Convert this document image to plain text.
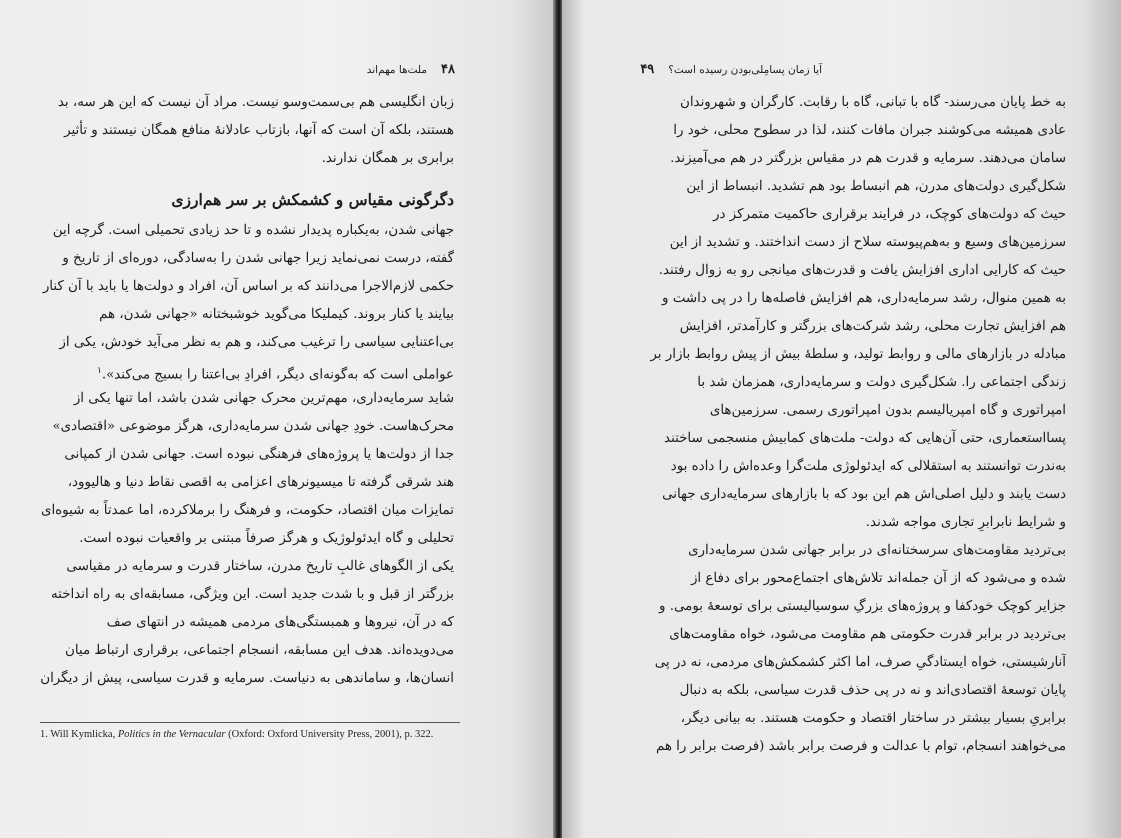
۴۸    ملت‌ها مهم‌اند

زبان انگلیسی هم بی‌سمت‌وسو نیست. مراد آن نیست که این هر سه، بد
هستند، بلکه آن است که آنها، بازتاب عادلانهٔ منافع همگان نیستند و تأثیر
برابری بر همگان ندارند.

دگرگونی مقیاس و کشمکش بر سر هم‌ارزی

جهانی شدن، به‌یکباره پدیدار نشده و تا حد زیادی تحمیلی است. گرچه این
گفته، درست نمی‌نماید زیرا جهانی شدن را به‌سادگی، دوره‌ای از تاریخ و
حکمی لازم‌الاجرا می‌دانند که بر اساس آن، افراد و دولت‌ها یا باید با آن کنار
بیایند یا کنار بروند. کیملیکا می‌گوید خوشبختانه «جهانی شدن، هم
بی‌اعتنایی سیاسی را ترغیب می‌کند، و هم به نظر می‌آید خودش، یکی از
عواملی است که به‌گونه‌ای دیگر، افرادِ بی‌اعتنا را بسیج می‌کند».$^۱$

شاید سرمایه‌داری، مهم‌ترین محرک جهانی شدن باشد، اما تنها یکی از
محرک‌هاست. خودِ جهانی شدن سرمایه‌داری، هرگز موضوعی «اقتصادی»
جدا از دولت‌ها یا پروژه‌های فرهنگی نبوده است. جهانی شدن از کمپانی
هند شرقی گرفته تا میسیونرهای اعزامی به اقصی نقاط دنیا و هالیوود،
تمایزات میان اقتصاد، حکومت، و فرهنگ را برملاکرده، اما عمدتاً به شیوه‌ای
تحلیلی و گاه ایدئولوژیک و هرگز صرفاً مبتنی بر واقعیات نبوده است.

یکی از الگوهای غالبِ تاریخ مدرن، ساختار قدرت و سرمایه در مقیاسی
بزرگتر از قبل و با شدت جدید است. این ویژگی، مسابقه‌ای به راه انداخته
که در آن، نیروها و همبستگی‌های مردمی همیشه در انتهای صف
می‌دویده‌اند. هدف این مسابقه، انسجام اجتماعی، برقراری ارتباط میان
انسان‌ها، و ساماندهی به دنیاست. سرمایه و قدرت سیاسی، پیش از دیگران

1. Will Kymlicka, Politics in the Vernacular (Oxford: Oxford University Press, 2001), p. 322.
آیا زمان پسامِلی‌بودن رسیده است؟    ۴۹

به خط پایان می‌رسند- گاه با تبانی، گاه با رقابت. کارگران و شهروندان
عادی همیشه می‌کوشند جبران مافات کنند، لذا در سطوح محلی، خود را
سامان می‌دهند. سرمایه و قدرت هم در مقیاس بزرگتر در هم می‌آمیزند.

شکل‌گیری دولت‌های مدرن، هم انبساط بود هم تشدید. انبساط از این
حیث که دولت‌های کوچک، در فرایند برقراری حاکمیت متمرکز در
سرزمین‌های وسیع و به‌هم‌پیوسته سلاح از دست انداختند. و تشدید از این
حیث که کارایی اداری افزایش یافت و قدرت‌های میانجی رو به زوال رفتند.
به همین منوال، رشد سرمایه‌داری، هم افزایش فاصله‌ها را در پی داشت و
هم افزایش تجارت محلی، رشد شرکت‌های بزرگتر و کارآمدتر، افزایش
مبادله در بازارهای مالی و روابط تولید، و سلطهٔ بیش از پیش روابط بازار بر
زندگی اجتماعی را. شکل‌گیری دولت و سرمایه‌داری، همزمان شد با
امپراتوری و گاه امپریالیسم بدون امپراتوری رسمی. سرزمین‌های
پسااستعماری، حتی آن‌هایی که دولت- ملت‌های کمابیش منسجمی ساختند
به‌ندرت توانستند به استقلالی که ایدئولوژی ملت‌گرا وعده‌اش را داده بود
دست یابند و دلیل اصلی‌اش هم این بود که با بازارهای سرمایه‌داری جهانی
و شرایط نابرابرِ تجاری مواجه شدند.

بی‌تردید مقاومت‌های سرسختانه‌ای در برابر جهانی شدن سرمایه‌داری
شده و می‌شود که از آن جمله‌اند تلاش‌های اجتماع‌محور برای دفاع از
جزایر کوچک خودکفا و پروژه‌های بزرگِ سوسیالیستی برای توسعهٔ بومی. و
بی‌تردید در برابر قدرت حکومتی هم مقاومت می‌شود، خواه مقاومت‌های
آنارشیستی، خواه ایستادگیِ صرف، اما اکثر کشمکش‌های مردمی، نه در پی
پایان توسعهٔ اقتصادی‌اند و نه در پی حذف قدرت سیاسی، بلکه به دنبال
برابریِ بسیار بیشتر در ساختار اقتصاد و حکومت هستند. به بیانی دیگر،
می‌خواهند انسجام، توام با عدالت و فرصت برابر باشد (فرصت برابر را هم
